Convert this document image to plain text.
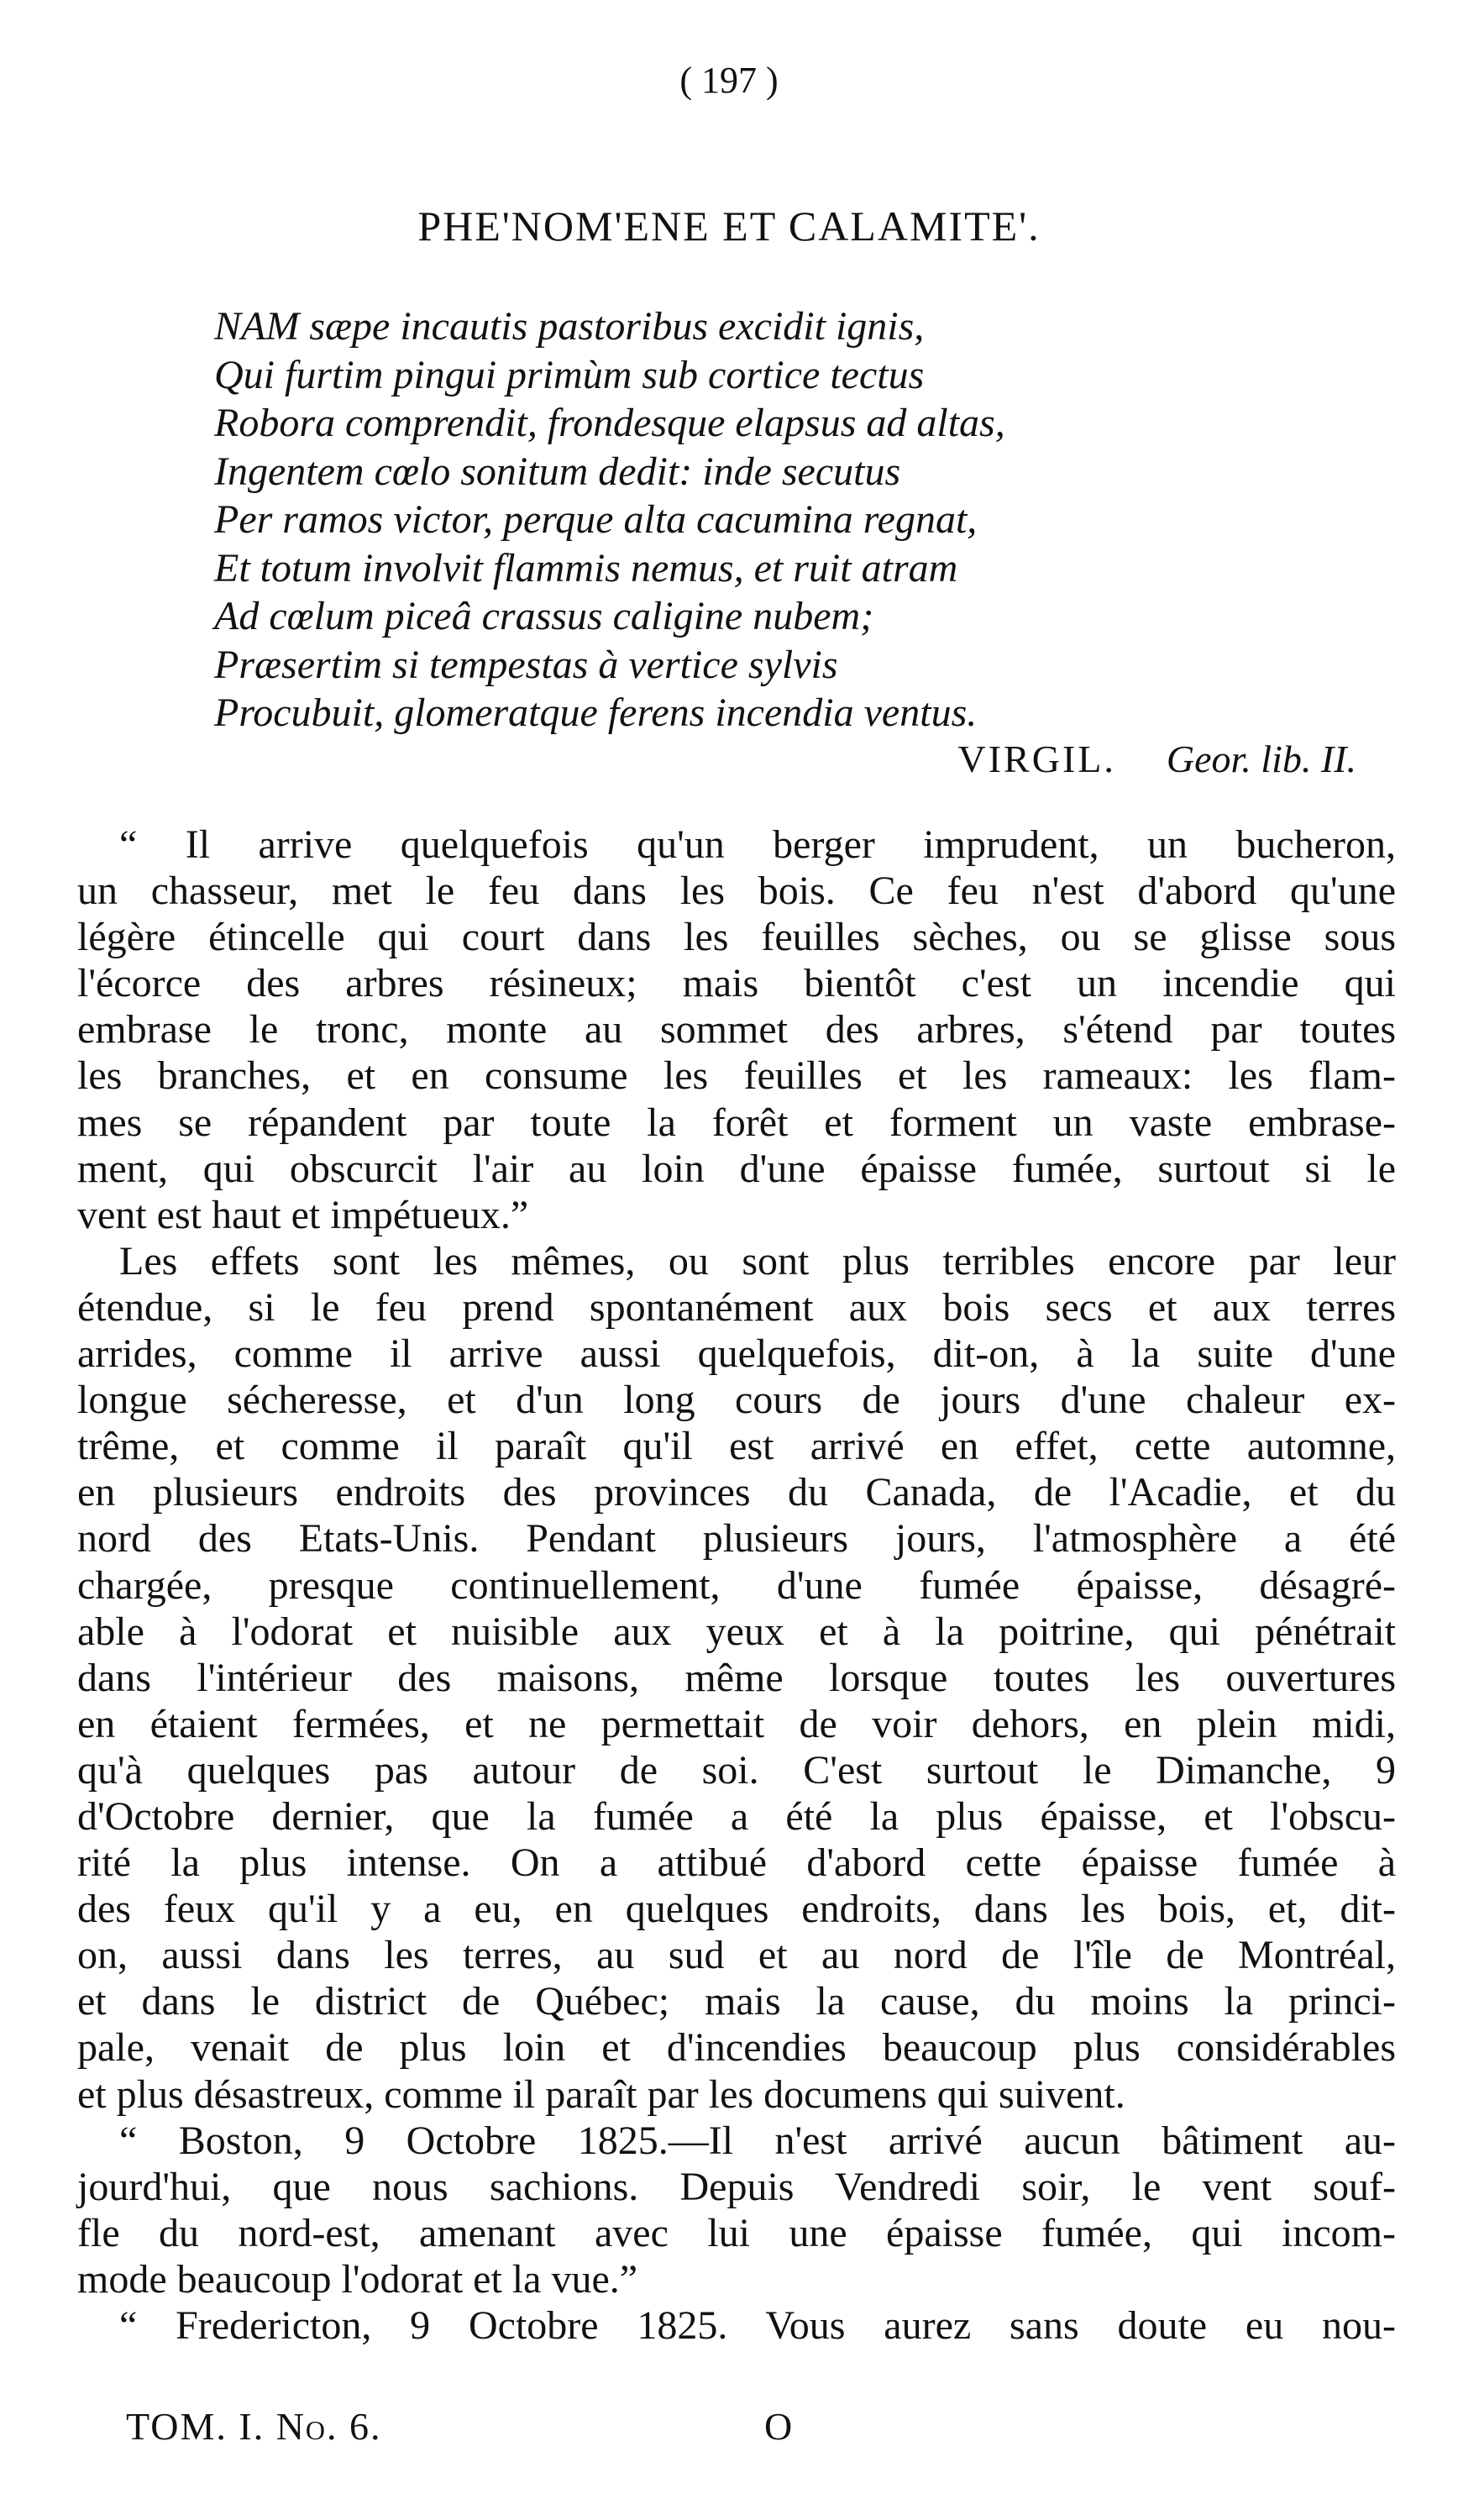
( 197 )
PHE'NOM'ENE ET CALAMITE'.
NAM sæpe incautis pastoribus excidit ignis,
Qui furtim pingui primùm sub cortice tectus
Robora comprendit, frondesque elapsus ad altas,
Ingentem cœlo sonitum dedit: inde secutus
Per ramos victor, perque alta cacumina regnat,
Et totum involvit flammis nemus, et ruit atram
Ad cœlum piceâ crassus caligine nubem;
Præsertim si tempestas à vertice sylvis
Procubuit, glomeratque ferens incendia ventus.
VIRGIL. Geor. lib. II.
“ Il arrive quelquefois qu'un berger imprudent, un bucheron,
un chasseur, met le feu dans les bois. Ce feu n'est d'abord qu'une
légère étincelle qui court dans les feuilles sèches, ou se glisse sous
l'écorce des arbres résineux; mais bientôt c'est un incendie qui
embrase le tronc, monte au sommet des arbres, s'étend par toutes
les branches, et en consume les feuilles et les rameaux: les flam-
mes se répandent par toute la forêt et forment un vaste embrase-
ment, qui obscurcit l'air au loin d'une épaisse fumée, surtout si le
vent est haut et impétueux.”
Les effets sont les mêmes, ou sont plus terribles encore par leur
étendue, si le feu prend spontanément aux bois secs et aux terres
arrides, comme il arrive aussi quelquefois, dit-on, à la suite d'une
longue sécheresse, et d'un long cours de jours d'une chaleur ex-
trême, et comme il paraît qu'il est arrivé en effet, cette automne,
en plusieurs endroits des provinces du Canada, de l'Acadie, et du
nord des Etats-Unis. Pendant plusieurs jours, l'atmosphère a été
chargée, presque continuellement, d'une fumée épaisse, désagré-
able à l'odorat et nuisible aux yeux et à la poitrine, qui pénétrait
dans l'intérieur des maisons, même lorsque toutes les ouvertures
en étaient fermées, et ne permettait de voir dehors, en plein midi,
qu'à quelques pas autour de soi. C'est surtout le Dimanche, 9
d'Octobre dernier, que la fumée a été la plus épaisse, et l'obscu-
rité la plus intense. On a attibué d'abord cette épaisse fumée à
des feux qu'il y a eu, en quelques endroits, dans les bois, et, dit-
on, aussi dans les terres, au sud et au nord de l'île de Montréal,
et dans le district de Québec; mais la cause, du moins la princi-
pale, venait de plus loin et d'incendies beaucoup plus considérables
et plus désastreux, comme il paraît par les documens qui suivent.
“ Boston, 9 Octobre 1825.—Il n'est arrivé aucun bâtiment au-
jourd'hui, que nous sachions. Depuis Vendredi soir, le vent souf-
fle du nord-est, amenant avec lui une épaisse fumée, qui incom-
mode beaucoup l'odorat et la vue.”
“ Fredericton, 9 Octobre 1825. Vous aurez sans doute eu nou-
TOM. I. No. 6.	O
